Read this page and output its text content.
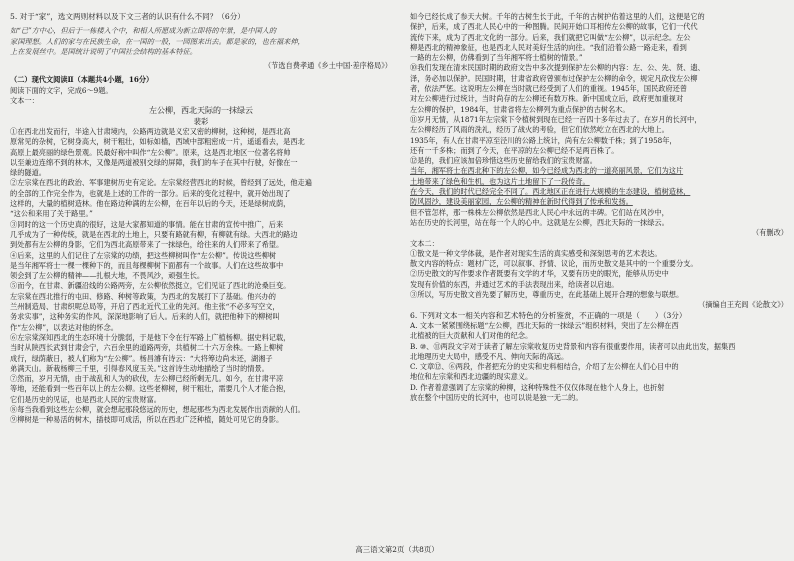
5. 对于“家”，选文两则材料以及下文三者的认识有什么不同？（6分）
如“已”方中心，但后于一栋楼入个中，和相人所愿成为新立即将的年景，是中国人的
家国理想。人们的家与在民族生命，在一国的一股，一园图来出去。都是家的，也在福来伸，
上在发展丝中。是国统计说明了中国社会结构的基本特征。
（节选自费孝通《乡土中国·差序格局》）
（二）现代文阅读Ⅱ（本题共4小题，16分）
阅读下面的文字，完成6～9题。
文本一：
左公柳，西北天际的一抹绿云
裴彩
①在西北出发而行，半途入甘肃境内，公路两边就是义宏又密的柳树，这种树，是西北高
原常见的杂树，它树身高大，树干粗壮，如标如樯，西域中部粗密成一片，遥遥看去，是西北
高原上最亮丽的绿色景观。民最好称中叫作“左公柳”。原来，这是西北地区一位著名将帅
以至兼边连绵不到的林木，又像是两道被别交绿的屏障，我们的车子在其中行驶，好像在一
绿的隧道。
②左宗棠在西北的政治、军事建树历史有定论。左宗棠经营西北的时候，曾经到了远处，他走遍
的全部的工作完全作为，也就是上述的工作的一部分。后来的变化过程中，就开始出现了
这样的，大量的植树造林。他在路边种满的左公柳，在百年以后的今天，还是绿树成荫，
“这公和来用了关于路里。”
③同时的这一个历史真的很好，这是大家都知道的事情。能在甘肃的宣传中推广，后来
几乎成为了一种传统，就是在西北的土地上，只要有路就有柳，有柳就有绿。大西北的路边
到处都有左公柳的身影，它们为西北高原带来了一抹绿色，给往来的人们带来了希望。
④后来，这里的人们记住了左宗棠的功绩，把这些柳树叫作“左公柳”。传说这些柳树
是当年湘军将士一棵一棵种下的，而且每棵柳树下面都有一个故事。人们在这些故事中
领会到了左公柳的精神——扎根大地，不畏风沙，顽强生长。
⑤而今，在甘肃、新疆沿线的公路两旁，左公柳依然挺立，它们见证了西北的沧桑巨变。
左宗棠在西北推行的屯田、修路、种树等政策，为西北的发展打下了基础。他兴办的
兰州制造局、甘肃织呢总局等，开启了西北近代工业的先河。他主张“不必多写空文，
务求实事”，这种务实的作风，深深地影响了后人。后来的人们，就把他种下的柳树叫
作“左公柳”，以表达对他的怀念。
⑥左宗棠深知西北的生态环境十分脆弱，于是他下令在行军路上广植杨柳。据史料记载，
当时从陕西长武到甘肃会宁，六百余里的道路两旁，共植树二十六万余株。一路上柳树
成行，绿荫蔽日，被人们称为“左公柳”。杨昌濬有诗云：“大将筹边尚未还，湖湘子
弟满天山。新栽杨柳三千里，引得春风度玉关。”这首诗生动地描绘了当时的情景。
⑦然而，岁月无情，由于战乱和人为的砍伐，左公柳已经所剩无几。如今，在甘肃平凉
等地，还能看到一些百年以上的左公柳。这些老柳树，树干粗壮，需要几个人才能合抱，
它们是历史的见证，也是西北人民的宝贵财富。
⑧每当我看到这些左公柳，就会想起那段悠远的历史，想起那些为西北发展作出贡献的人们。
⑨柳树是一种易活的树木，插枝即可成活，所以在西北广泛种植，随处可见它的身影。
如今已经长成了参天大树。千年的古树生长于此，千年的古树护佑着这里的人们，这便是它的
保护，后来，成了西北人民心中的一种图腾。民间开始口耳相传左公柳的故事，它们一代代
流传下来，成为了西北文化的一部分。后来，我们就把它叫做“左公柳”，以示纪念。左公
柳是西北的精神象征，也是西北人民对美好生活的向往。“我们沿着公路一路走来，看到
一路的左公柳，仿佛看到了当年湘军将士植树的情景。”
⑩我们发现在清末民国时期的政府文告中多次提到保护左公柳的内容：左、公、先、贤、遗、
泽，务必加以保护。民国时期，甘肃省政府曾颁布过保护左公柳的命令，规定凡砍伐左公柳
者，依法严惩。这说明左公柳在当时就已经受到了人们的重视。1945年，国民政府还曾
对左公柳进行过统计，当时尚存的左公柳还有数万株。新中国成立后，政府更加重视对
左公柳的保护，1984年，甘肃省将左公柳列为重点保护的古树名木。
⑪岁月无情，从1871年左宗棠下令植树到现在已经一百四十多年过去了。在岁月的长河中，
左公柳经历了风雨的洗礼，经历了战火的考验，但它们依然屹立在西北的大地上。
1935年，有人在甘肃平凉至泾川的公路上统计，尚有左公柳数千株；到了1958年，
还有一千多株；而到了今天，在平凉的左公柳已经不足两百株了。
⑫是的，我们应该加倍珍惜这些历史留给我们的宝贵财富。
当年，湘军将士在西北种下的左公柳，如今已经成为西北的一道亮丽风景，它们为这片
土地带来了绿色和生机，也为这片土地留下了一段传奇。
在今天，我们的时代已经完全不同了。西北地区正在进行大规模的生态建设，植树造林，
防风固沙，建设美丽家园，左公柳的精神在新时代得到了传承和发扬。
但不管怎样，那一株株左公柳依然是西北人民心中永远的丰碑。它们站在风沙中，
站在历史的长河里，站在每一个人的心中。这就是左公柳，西北天际的一抹绿云。
（有删改）
文本二：
①散文是一种文学体裁，是作者对现实生活的真实感受和深刻思考的艺术表达。
散文内容的特点：题材广泛，可以叙事、抒情、议论，而历史散文是其中的一个重要分支。
②历史散文的写作要求作者既要有文学的才华，又要有历史的眼光，能够从历史中
发现有价值的东西，并通过艺术的手法表现出来，给读者以启迪。
③所以，写历史散文首先要了解历史，尊重历史，在此基础上展开合理的想象与联想。
（摘编自王充闾《论散文》）
6. 下列对文本一相关内容和艺术特色的分析鉴赏，不正确的一项是（　　）（3分）
A. 文本一紧紧围绕标题“左公柳，西北天际的一抹绿云”组织材料，突出了左公柳在西
北植被的巨大贡献和人们对他的纪念。
B. ⑩、⑪两段文字对于读者了解左宗棠收复历史背景和内容有很重要作用，读者可以由此出发，据集西
北地理历史大局中，感受不凡、伸向天际的高远。
C. 文章⑫、⑥两段，作者把充分的史实和史料相结合，介绍了左公柳在人们心目中的
地位和左宗棠和西北边疆的现实意义。
D. 作者着意强调了左宗棠的种柳，这种特殊性不仅仅体现在他个人身上，也折射
放在整个中国历史的长河中，也可以说是独一无二的。
高三语文第2页（共8页）
